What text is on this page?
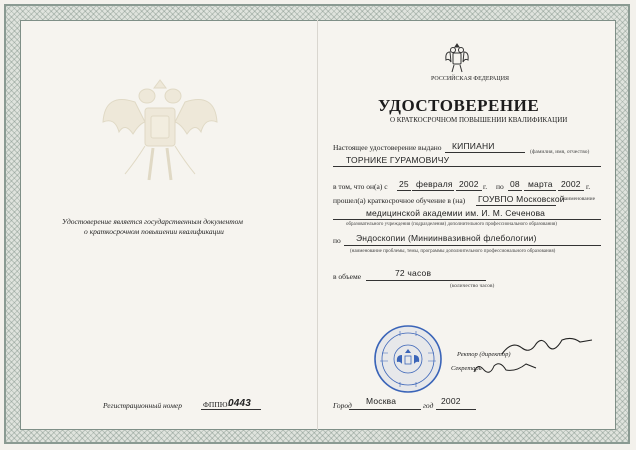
Удостоверение является государственным документом
о краткосрочном повышении квалификации
РОССИЙСКАЯ ФЕДЕРАЦИЯ
УДОСТОВЕРЕНИЕ
О КРАТКОСРОЧНОМ ПОВЫШЕНИИ КВАЛИФИКАЦИИ
Настоящее удостоверение выдано КИПИАНИ
(фамилия, имя, отчество)
ТОРНИКЕ ГУРАМОВИЧУ
в том, что он(а) с 25 февраля 2002 г. по 08 марта 2002 г.
прошел(а) краткосрочное обучение в (на) ГОУВПО Московской
(наименование
медицинской академии им. И. М. Сеченова
образовательного учреждения (подразделения) дополнительного профессионального образования)
по Эндоскопии (Миниинвазивной флебологии)
(наименование проблемы, темы, программы дополнительного профессионального образования)
в объеме	72 часов
(количество часов)
Ректор (директор)
Секретарь
Регистрационный номер	ФППЮ-
0443	Город Москва	год 2002
